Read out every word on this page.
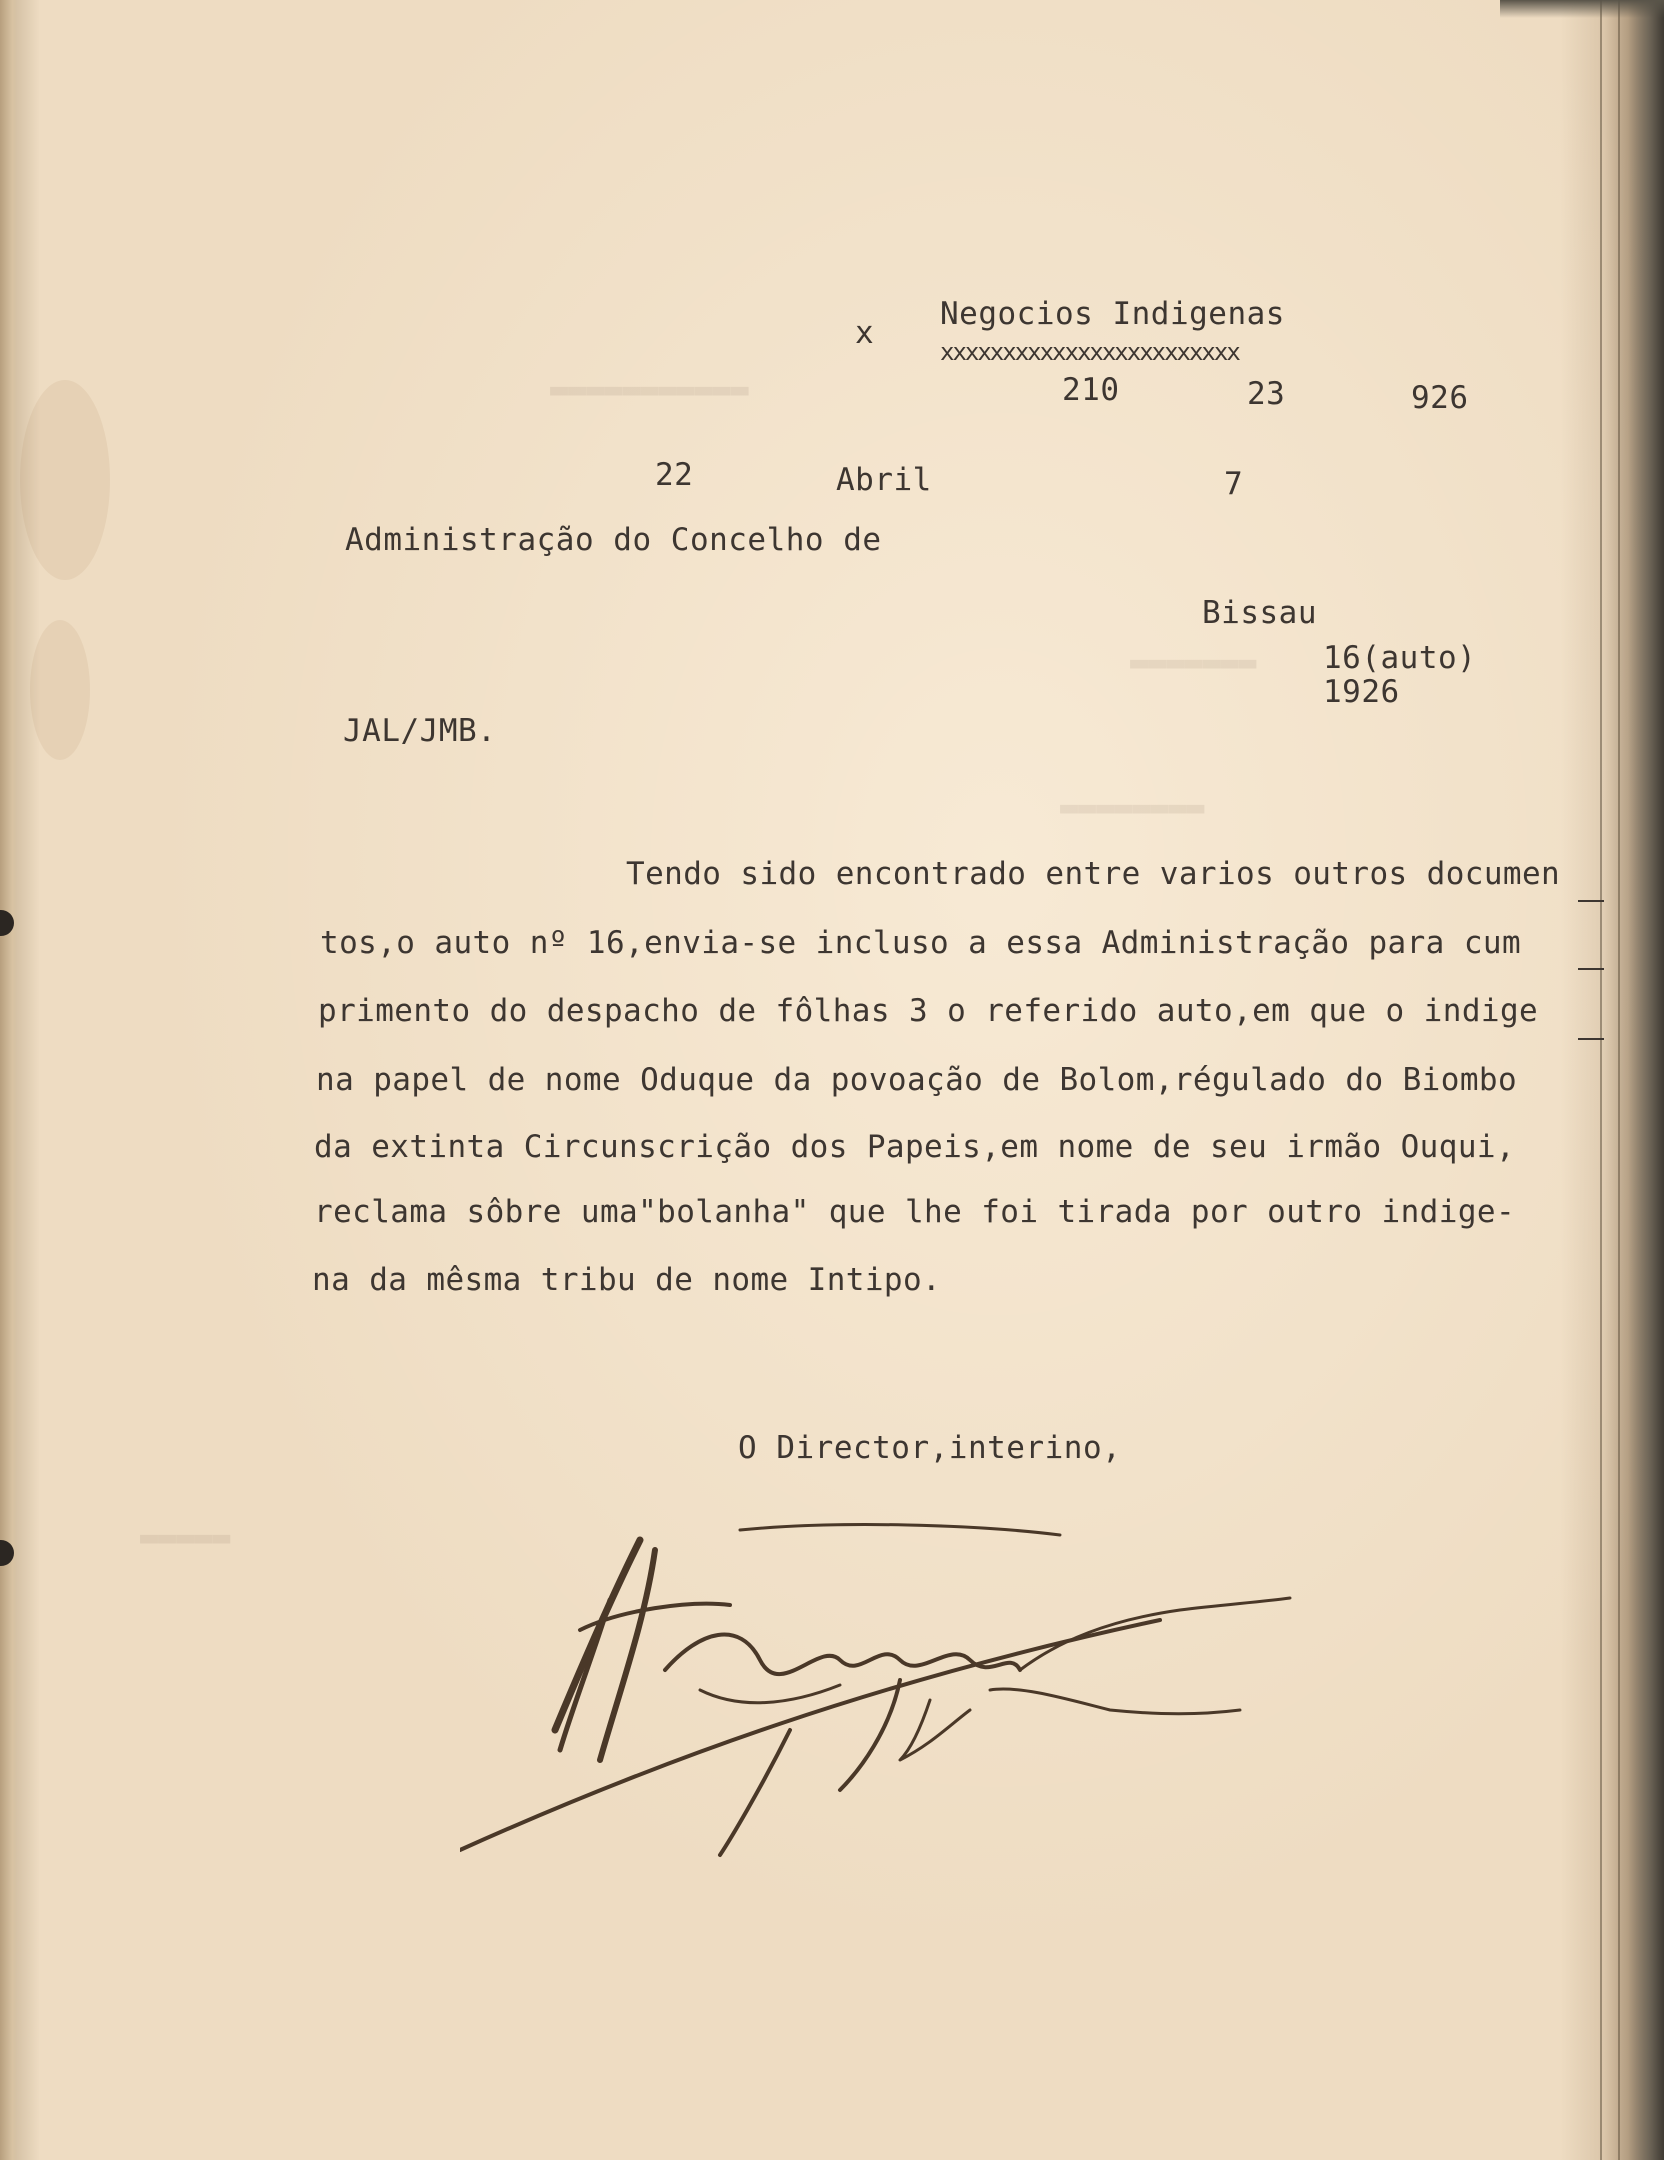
▬▬▬▬▬▬▬▬▬▬▬
▬▬▬▬▬▬▬
▬▬▬▬▬▬▬▬
▬▬▬▬▬
x
Negocios Indigenas
xxxxxxxxxxxxxxxxxxxxxxxx
210	23	926
22	Abril	7
Administração do Concelho de
Bissau
16(auto)
1926
JAL/JMB.
Tendo sido encontrado entre varios outros documen
tos,o auto nº 16,envia-se incluso a essa Administração para cum
primento do despacho de fôlhas 3 o referido auto,em que o indige
na papel de nome Oduque da povoação de Bolom,régulado do Biombo
da extinta Circunscrição dos Papeis,em nome de seu irmão Ouqui,
reclama sôbre uma"bolanha" que lhe foi tirada por outro indige-
na da mêsma tribu de nome Intipo.
O Director,interino,
